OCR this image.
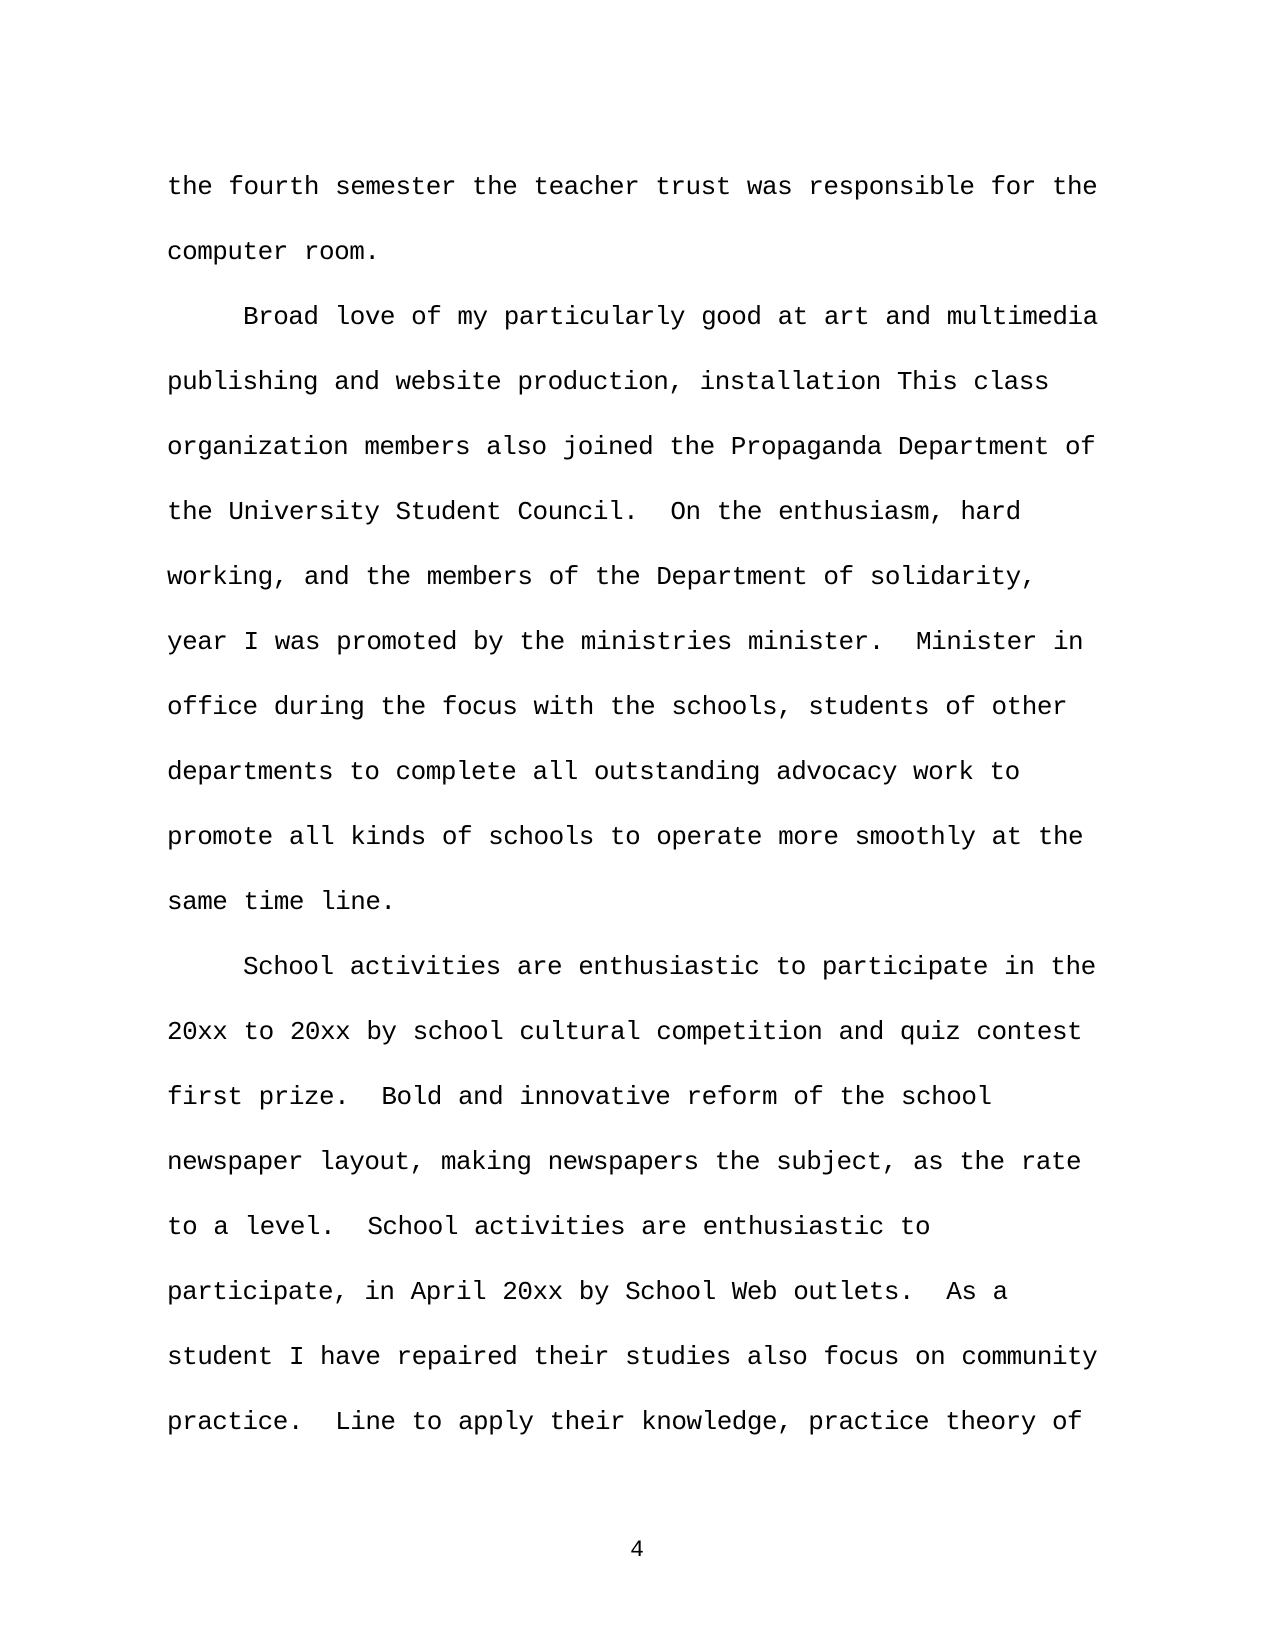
the fourth semester the teacher trust was responsible for the
computer room.
Broad love of my particularly good at art and multimedia
publishing and website production, installation This class
organization members also joined the Propaganda Department of
the University Student Council.  On the enthusiasm, hard
working, and the members of the Department of solidarity,
year I was promoted by the ministries minister.  Minister in
office during the focus with the schools, students of other
departments to complete all outstanding advocacy work to
promote all kinds of schools to operate more smoothly at the
same time line.
School activities are enthusiastic to participate in the
20xx to 20xx by school cultural competition and quiz contest
first prize.  Bold and innovative reform of the school
newspaper layout, making newspapers the subject, as the rate
to a level.  School activities are enthusiastic to
participate, in April 20xx by School Web outlets.  As a
student I have repaired their studies also focus on community
practice.  Line to apply their knowledge, practice theory of
4
